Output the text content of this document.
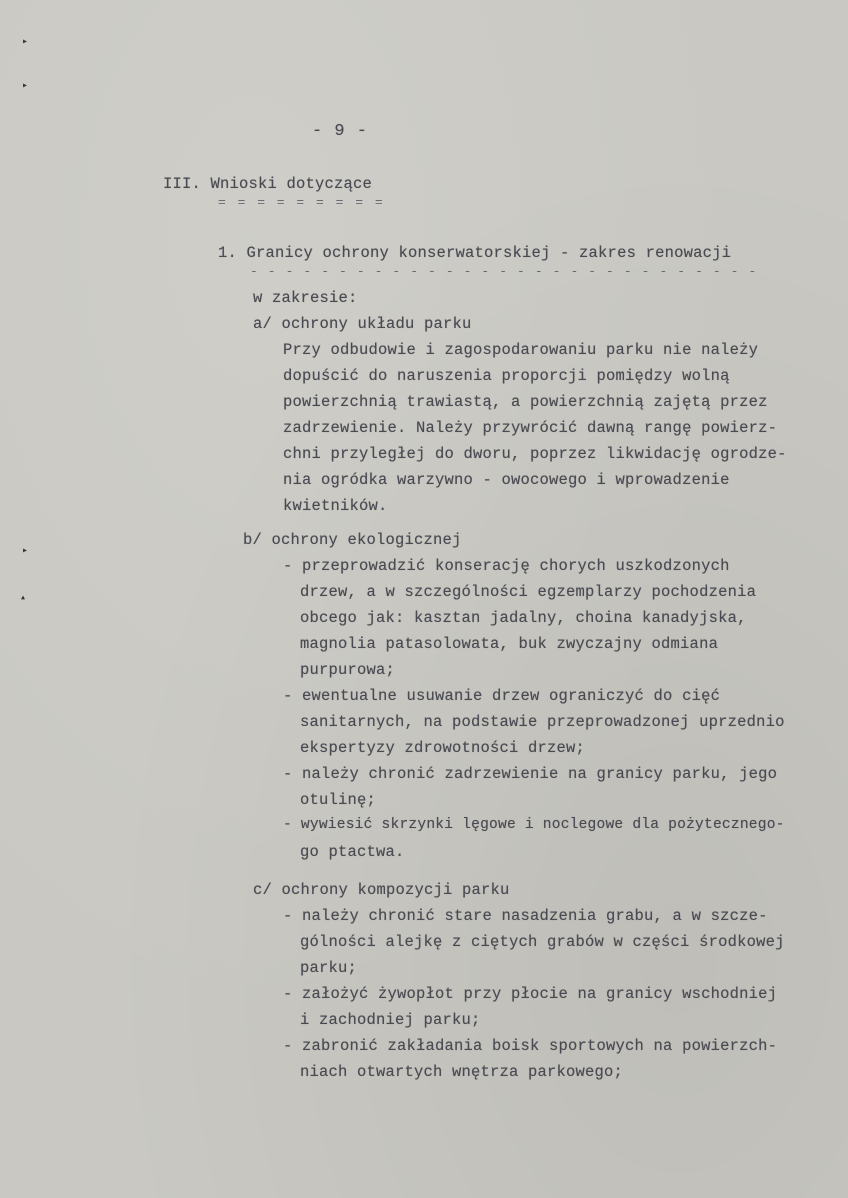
▸
▸
▸
▴
- 9 -
III. Wnioski dotyczące
= = = = = = = = =
1. Granicy ochrony konserwatorskiej - zakres renowacji
- - - - - - - - - - - - - - - - - - - - - - - - - - - - -
w zakresie:
a/ ochrony układu parku
Przy odbudowie i zagospodarowaniu parku nie należy
dopuścić do naruszenia proporcji pomiędzy wolną
powierzchnią trawiastą, a powierzchnią zajętą przez
zadrzewienie. Należy przywrócić dawną rangę powierz-
chni przyległej do dworu, poprzez likwidację ogrodze-
nia ogródka warzywno - owocowego i wprowadzenie
kwietników.
b/ ochrony ekologicznej
- przeprowadzić konserację chorych uszkodzonych
drzew, a w szczególności egzemplarzy pochodzenia
obcego jak: kasztan jadalny, choina kanadyjska,
magnolia patasolowata, buk zwyczajny odmiana
purpurowa;
- ewentualne usuwanie drzew ograniczyć do cięć
sanitarnych, na podstawie przeprowadzonej uprzednio
ekspertyzy zdrowotności drzew;
- należy chronić zadrzewienie na granicy parku, jego
otulinę;
- wywiesić skrzynki lęgowe i noclegowe dla pożytecznego-
go ptactwa.
c/ ochrony kompozycji parku
- należy chronić stare nasadzenia grabu, a w szcze-
gólności alejkę z ciętych grabów w części środkowej
parku;
- założyć żywopłot przy płocie na granicy wschodniej
i zachodniej parku;
- zabronić zakładania boisk sportowych na powierzch-
niach otwartych wnętrza parkowego;
